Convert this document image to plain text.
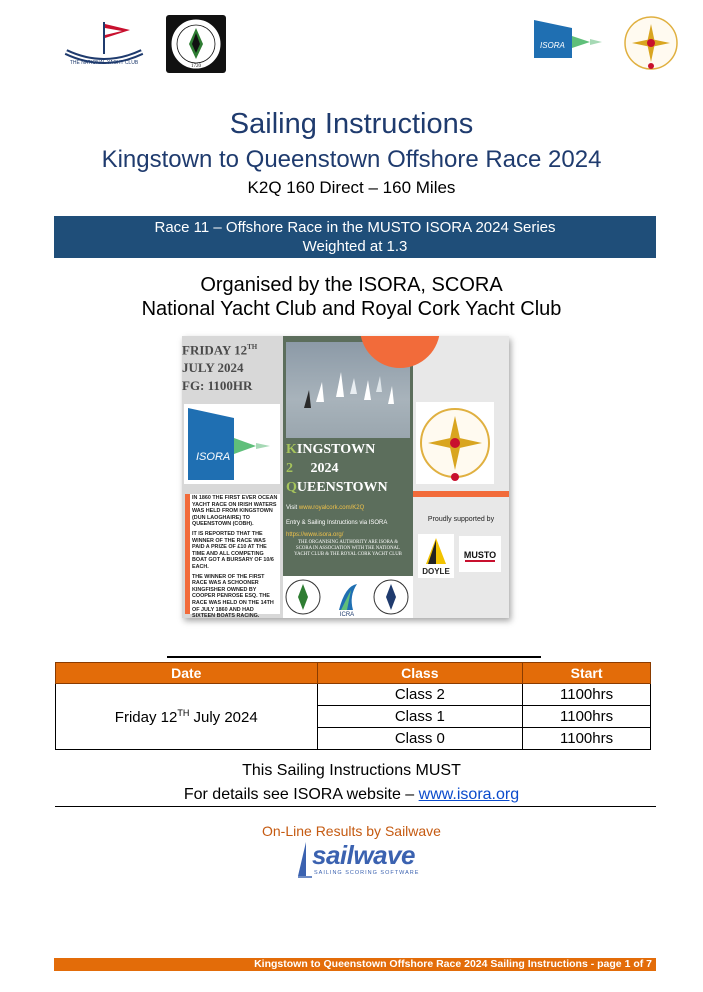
THE NATIONAL YACHT CLUB
1720
ISORA
Sailing Instructions
Kingstown to Queenstown Offshore Race 2024
K2Q 160 Direct – 160 Miles
Race 11 – Offshore Race in the MUSTO ISORA 2024 Series
Weighted at 1.3
Organised by the ISORA, SCORA
National Yacht Club and Royal Cork Yacht Club
FRIDAY 12TH
JULY 2024
FG: 1100HR
ISORA

IN 1860 THE FIRST EVER OCEAN YACHT RACE ON IRISH WATERS WAS HELD FROM KINGSTOWN (DUN LAOGHAIRE) TO QUEENSTOWN (COBH).

IT IS REPORTED THAT THE WINNER OF THE RACE WAS PAID A PRIZE OF £10 AT THE TIME AND ALL COMPETING BOAT GOT A BURSARY OF 10/6 EACH.

THE WINNER OF THE FIRST RACE WAS A SCHOONER KINGFISHER OWNED BY COOPER PENROSE ESQ. THE RACE WAS HELD ON THE 14TH OF JULY 1860 AND HAD SIXTEEN BOATS RACING.

KINGSTOWN
2 2024
QUEENSTOWN
Visit www.royalcork.com/K2Q
Entry & Sailing Instructions via ISORA
https://www.isora.org/
THE ORGANISING AUTHORITY ARE ISORA & SCORA IN ASSOCIATION WITH THE NATIONAL YACHT CLUB & THE ROYAL CORK YACHT CLUB
ICRA
Proudly supported by
DOYLE
MUSTO
Date	Class	Start
Friday 12TH July 2024	Class 2	1100hrs
	Class 1	1100hrs
	Class 0	1100hrs
This Sailing Instructions MUST
For details see ISORA website – www.isora.org
On-Line Results by Sailwave
sailwave
SAILING SCORING SOFTWARE
Kingstown to Queenstown Offshore Race 2024 Sailing Instructions - page 1 of 7
